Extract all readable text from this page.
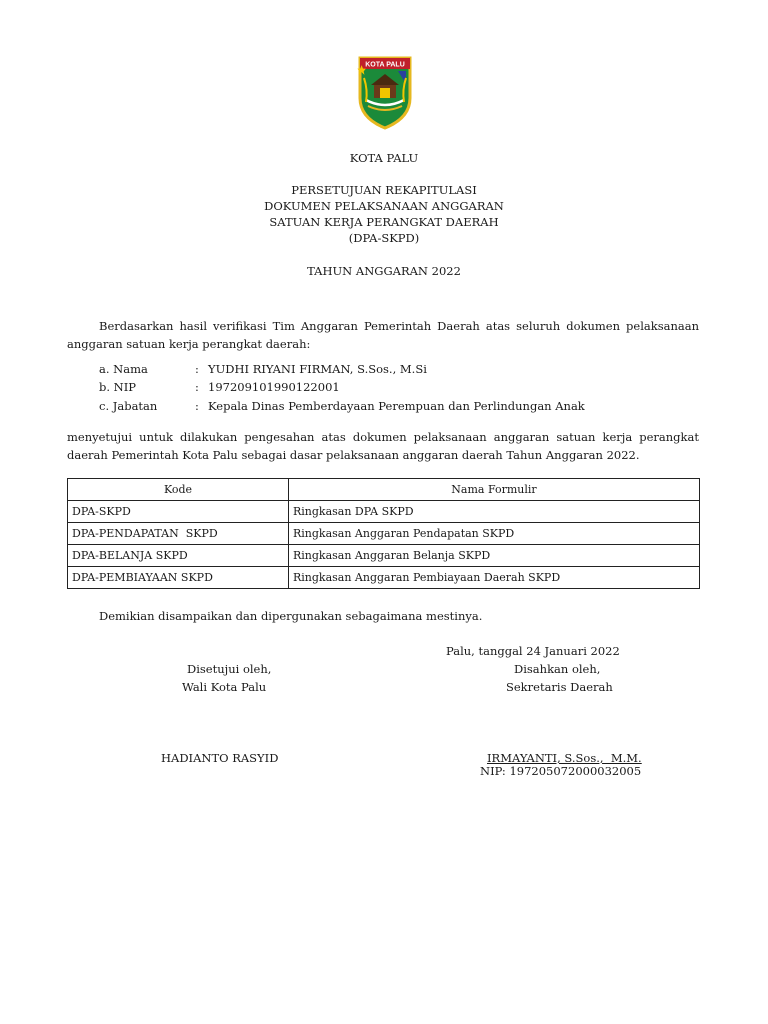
KOTA PALU
KOTA PALU
PERSETUJUAN REKAPITULASI
DOKUMEN PELAKSANAAN ANGGARAN
SATUAN KERJA PERANGKAT DAERAH
(DPA-SKPD)
TAHUN ANGGARAN 2022
Berdasarkan hasil verifikasi Tim Anggaran Pemerintah Daerah atas seluruh dokumen pelaksanaan anggaran satuan kerja perangkat daerah:
a. Nama	: YUDHI RIYANI FIRMAN, S.Sos., M.Si
b. NIP	: 197209101990122001
c. Jabatan	: Kepala Dinas Pemberdayaan Perempuan dan Perlindungan Anak
menyetujui untuk dilakukan pengesahan atas dokumen pelaksanaan anggaran satuan kerja perangkat daerah Pemerintah Kota Palu sebagai dasar pelaksanaan anggaran daerah Tahun Anggaran 2022.
Kode	Nama Formulir
DPA-SKPD	Ringkasan DPA SKPD
DPA-PENDAPATAN  SKPD	Ringkasan Anggaran Pendapatan SKPD
DPA-BELANJA SKPD	Ringkasan Anggaran Belanja SKPD
DPA-PEMBIAYAAN SKPD	Ringkasan Anggaran Pembiayaan Daerah SKPD
Demikian disampaikan dan dipergunakan sebagaimana mestinya.
Palu, tanggal 24 Januari 2022
Disetujui oleh,
Wali Kota Palu
HADIANTO RASYID
Disahkan oleh,
Sekretaris Daerah
IRMAYANTI, S.Sos.,  M.M.
NIP: 197205072000032005
